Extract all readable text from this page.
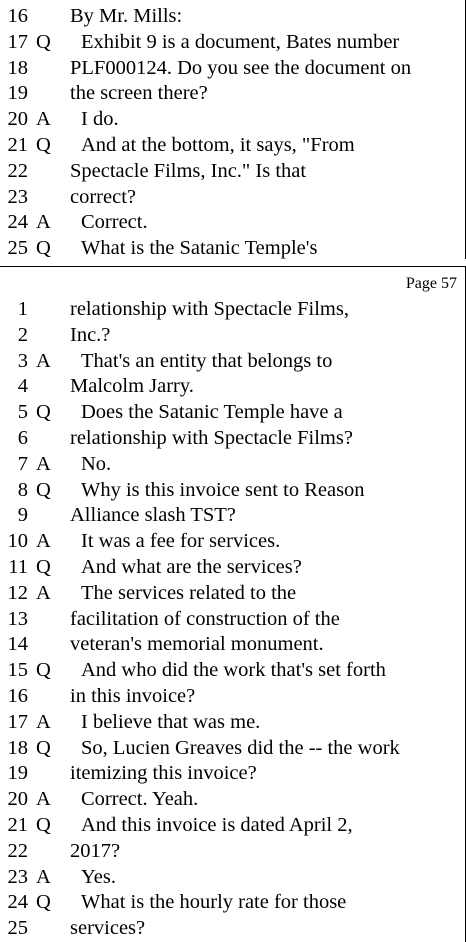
16 By Mr. Mills:
17 Q Exhibit 9 is a document, Bates number
18 PLF000124. Do you see the document on
19 the screen there?
20 A I do.
21 Q And at the bottom, it says, "From
22 Spectacle Films, Inc." Is that
23 correct?
24 A Correct.
25 Q What is the Satanic Temple's
Page 57
1 relationship with Spectacle Films,
2 Inc.?
3 A That's an entity that belongs to
4 Malcolm Jarry.
5 Q Does the Satanic Temple have a
6 relationship with Spectacle Films?
7 A No.
8 Q Why is this invoice sent to Reason
9 Alliance slash TST?
10 A It was a fee for services.
11 Q And what are the services?
12 A The services related to the
13 facilitation of construction of the
14 veteran's memorial monument.
15 Q And who did the work that's set forth
16 in this invoice?
17 A I believe that was me.
18 Q So, Lucien Greaves did the -- the work
19 itemizing this invoice?
20 A Correct. Yeah.
21 Q And this invoice is dated April 2,
22 2017?
23 A Yes.
24 Q What is the hourly rate for those
25 services?
